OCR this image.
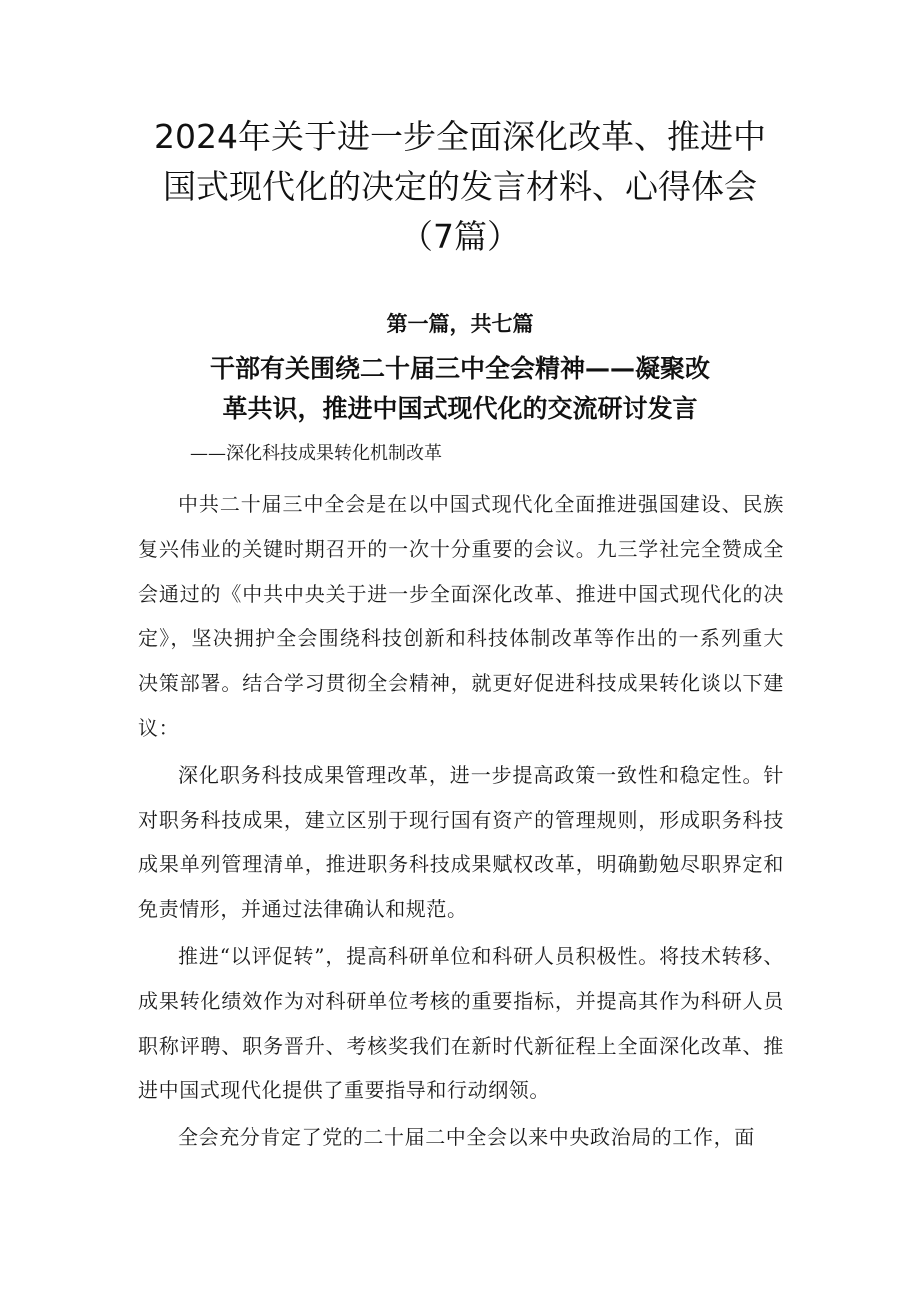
2024年关于进一步全面深化改革、推进中
国式现代化的决定的发言材料、心得体会
（7篇）
第一篇，共七篇
干部有关围绕二十届三中全会精神——凝聚改
革共识，推进中国式现代化的交流研讨发言
——深化科技成果转化机制改革

中共二十届三中全会是在以中国式现代化全面推进强国建设、民族复兴伟业的关键时期召开的一次十分重要的会议。九三学社完全赞成全会通过的《中共中央关于进一步全面深化改革、推进中国式现代化的决定》，坚决拥护全会围绕科技创新和科技体制改革等作出的一系列重大决策部署。结合学习贯彻全会精神，就更好促进科技成果转化谈以下建议：

深化职务科技成果管理改革，进一步提高政策一致性和稳定性。针对职务科技成果，建立区别于现行国有资产的管理规则，形成职务科技成果单列管理清单，推进职务科技成果赋权改革，明确勤勉尽职界定和免责情形，并通过法律确认和规范。

推进“以评促转”，提高科研单位和科研人员积极性。将技术转移、成果转化绩效作为对科研单位考核的重要指标，并提高其作为科研人员职称评聘、职务晋升、考核奖我们在新时代新征程上全面深化改革、推进中国式现代化提供了重要指导和行动纲领。

全会充分肯定了党的二十届二中全会以来中央政治局的工作，面
